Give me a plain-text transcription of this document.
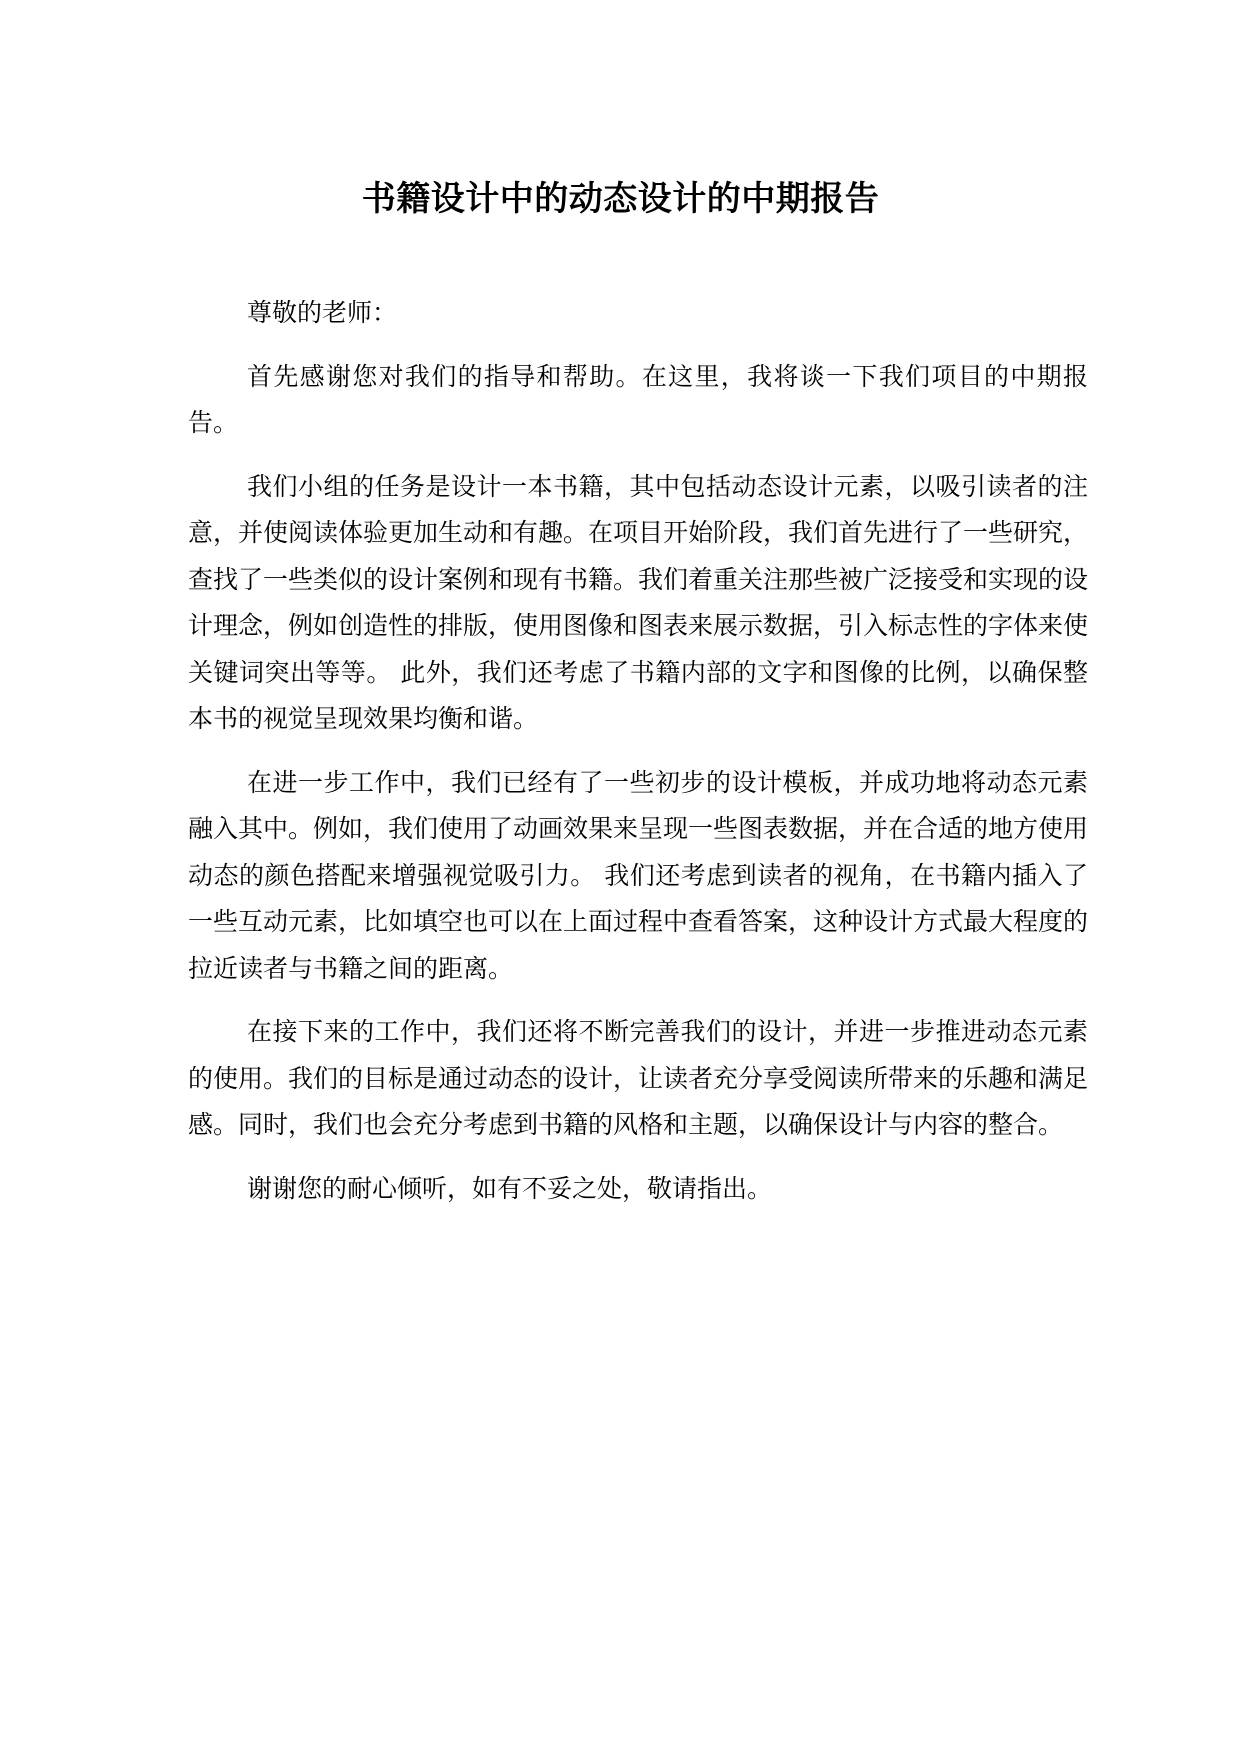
书籍设计中的动态设计的中期报告

尊敬的老师：

首先感谢您对我们的指导和帮助。在这里，我将谈一下我们项目的中期报告。

我们小组的任务是设计一本书籍，其中包括动态设计元素，以吸引读者的注意，并使阅读体验更加生动和有趣。在项目开始阶段，我们首先进行了一些研究，查找了一些类似的设计案例和现有书籍。我们着重关注那些被广泛接受和实现的设计理念，例如创造性的排版，使用图像和图表来展示数据，引入标志性的字体来使关键词突出等等。 此外，我们还考虑了书籍内部的文字和图像的比例，以确保整本书的视觉呈现效果均衡和谐。

在进一步工作中，我们已经有了一些初步的设计模板，并成功地将动态元素融入其中。例如，我们使用了动画效果来呈现一些图表数据，并在合适的地方使用动态的颜色搭配来增强视觉吸引力。 我们还考虑到读者的视角，在书籍内插入了一些互动元素，比如填空也可以在上面过程中查看答案，这种设计方式最大程度的拉近读者与书籍之间的距离。

在接下来的工作中，我们还将不断完善我们的设计，并进一步推进动态元素的使用。我们的目标是通过动态的设计，让读者充分享受阅读所带来的乐趣和满足感。同时，我们也会充分考虑到书籍的风格和主题，以确保设计与内容的整合。

谢谢您的耐心倾听，如有不妥之处，敬请指出。
